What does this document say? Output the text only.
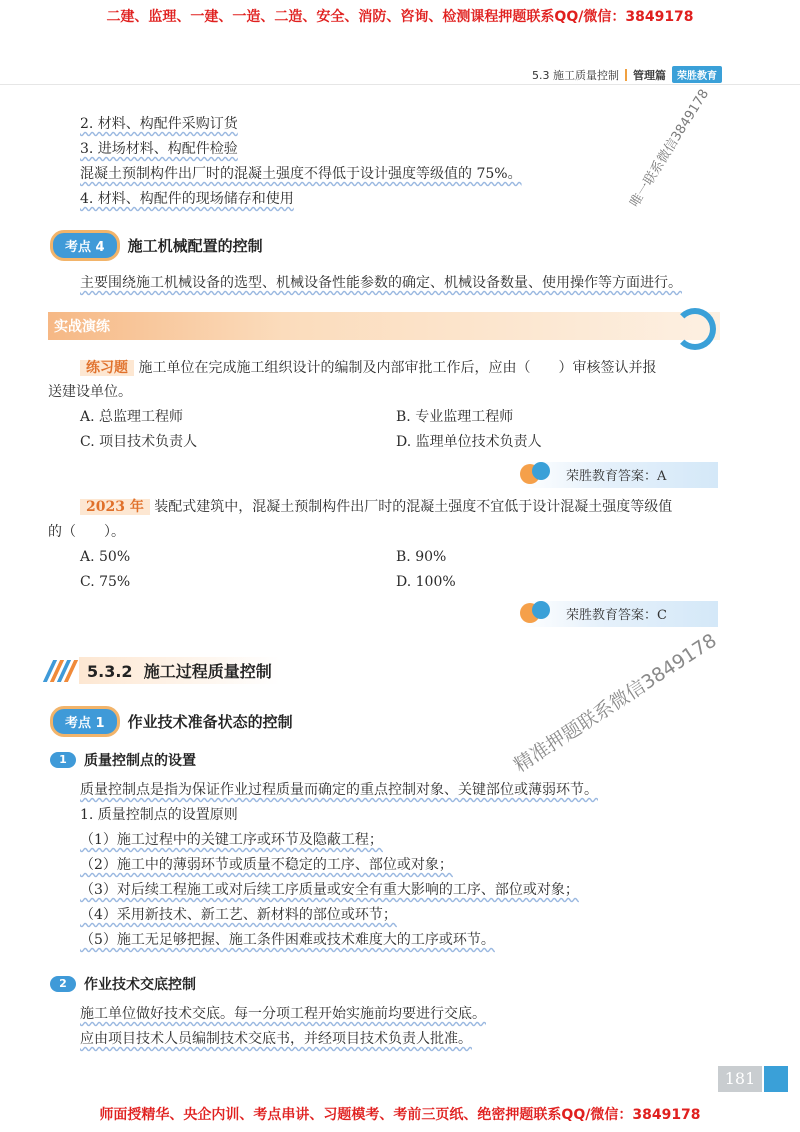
二建、监理、一建、一造、二造、安全、消防、咨询、检测课程押题联系QQ/微信：3849178
5.3 施工质量控制 管理篇	荣胜教育
2. 材料、构配件采购订货
3. 进场材料、构配件检验
混凝土预制构件出厂时的混凝土强度不得低于设计强度等级值的 75%。
4. 材料、构配件的现场储存和使用
考点 4	施工机械配置的控制
主要围绕施工机械设备的选型、机械设备性能参数的确定、机械设备数量、使用操作等方面进行。
实战演练
练习题 施工单位在完成施工组织设计的编制及内部审批工作后，应由（　　）审核签认并报
送建设单位。
A. 总监理工程师	B. 专业监理工程师
C. 项目技术负责人	D. 监理单位技术负责人
荣胜教育答案：A
2023 年 装配式建筑中，混凝土预制构件出厂时的混凝土强度不宜低于设计混凝土强度等级值
的（　　）。
A. 50%	B. 90%
C. 75%	D. 100%
荣胜教育答案：C
5.3.2 施工过程质量控制
考点 1	作业技术准备状态的控制
1	质量控制点的设置
质量控制点是指为保证作业过程质量而确定的重点控制对象、关键部位或薄弱环节。
1. 质量控制点的设置原则
（1）施工过程中的关键工序或环节及隐蔽工程；
（2）施工中的薄弱环节或质量不稳定的工序、部位或对象；
（3）对后续工程施工或对后续工序质量或安全有重大影响的工序、部位或对象；
（4）采用新技术、新工艺、新材料的部位或环节；
（5）施工无足够把握、施工条件困难或技术难度大的工序或环节。
2	作业技术交底控制
施工单位做好技术交底。每一分项工程开始实施前均要进行交底。
应由项目技术人员编制技术交底书，并经项目技术负责人批准。
唯一联系微信3849178
精准押题联系微信3849178
181
师面授精华、央企内训、考点串讲、习题模考、考前三页纸、绝密押题联系QQ/微信：3849178
